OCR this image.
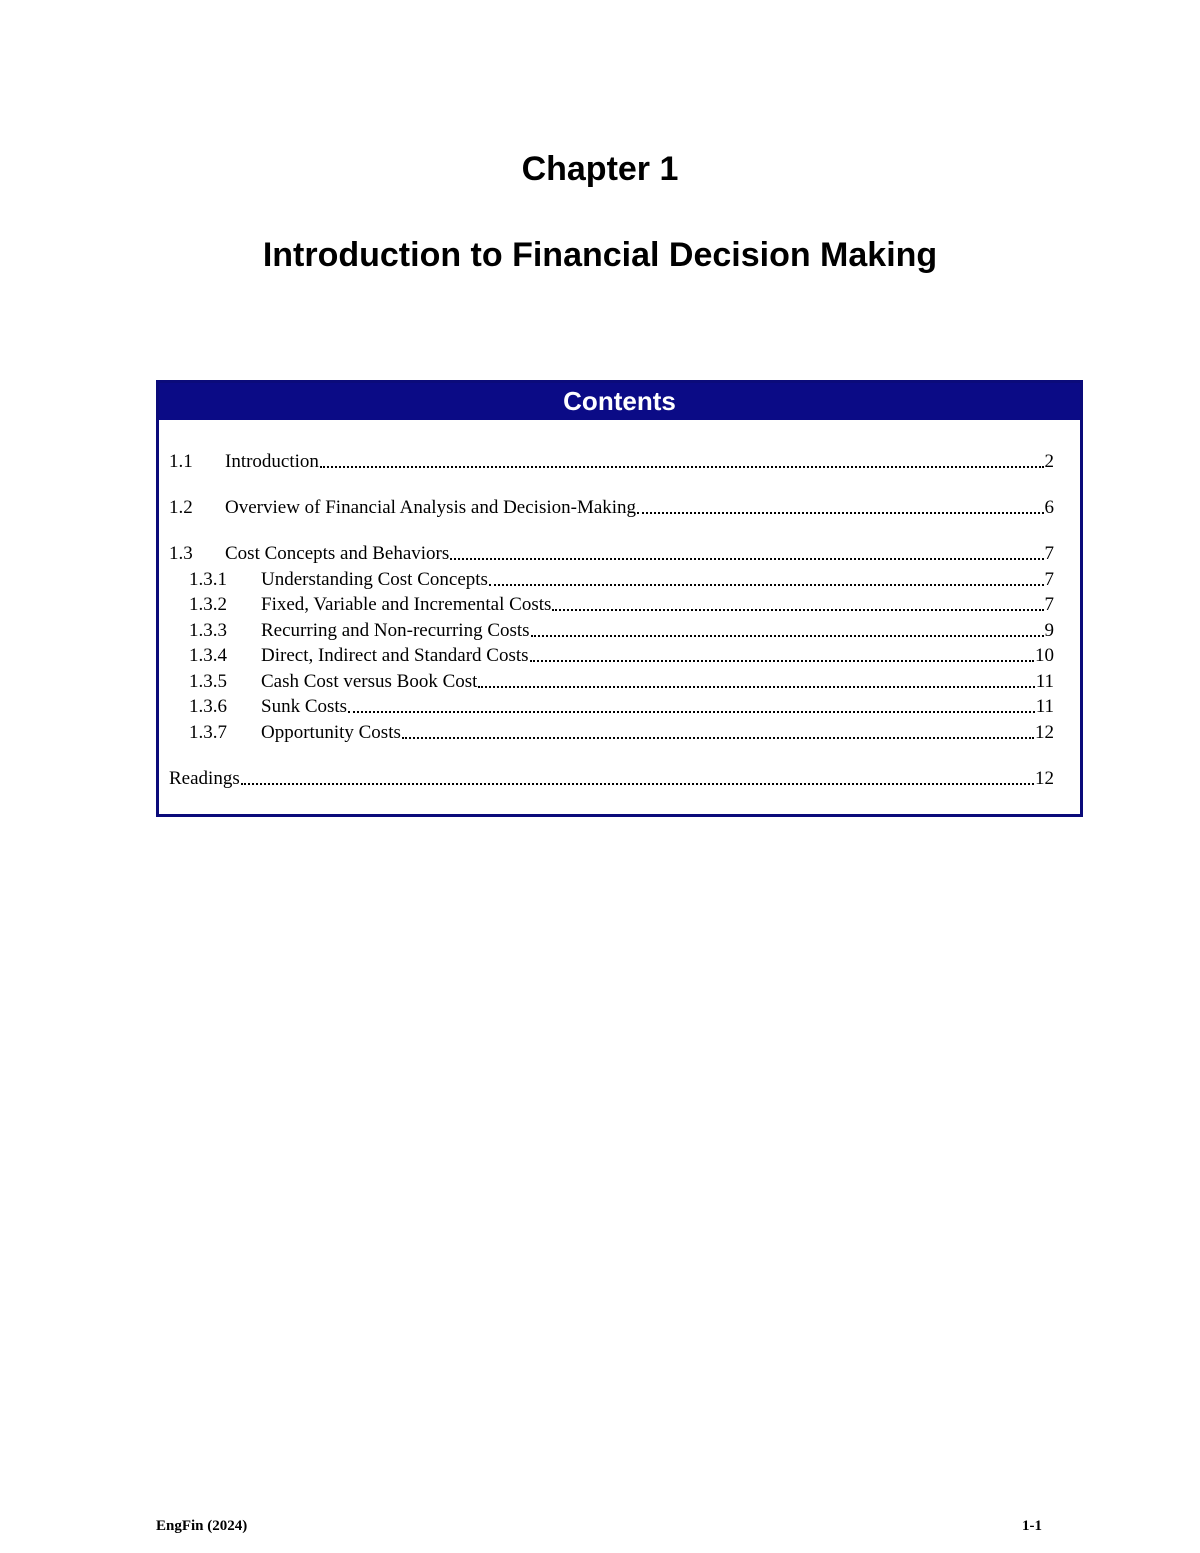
Chapter 1
Introduction to Financial Decision Making
Contents
1.1	Introduction	2
1.2	Overview of Financial Analysis and Decision-Making	6
1.3	Cost Concepts and Behaviors	7
1.3.1	Understanding Cost Concepts	7
1.3.2	Fixed, Variable and Incremental Costs	7
1.3.3	Recurring and Non-recurring Costs	9
1.3.4	Direct, Indirect and Standard Costs	10
1.3.5	Cash Cost versus Book Cost	11
1.3.6	Sunk Costs	11
1.3.7	Opportunity Costs	12
Readings	12
EngFin (2024)	1-1
